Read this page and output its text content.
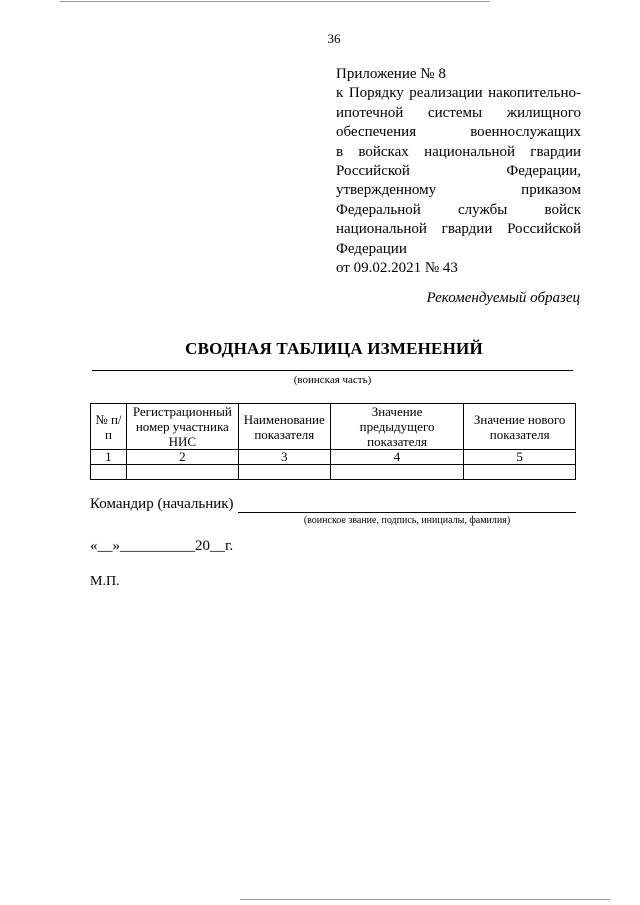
36
Приложение № 8
к Порядку реализации накопительно-
ипотечной системы жилищного
обеспечения военнослужащих
в войсках национальной гвардии
Российской Федерации,
утвержденному приказом
Федеральной службы войск
национальной гвардии Российской
Федерации
от 09.02.2021 № 43
Рекомендуемый образец
СВОДНАЯ ТАБЛИЦА ИЗМЕНЕНИЙ
(воинская часть)
№ п/п	Регистрационный номер участника НИС	Наименование показателя	Значение предыдущего показателя	Значение нового показателя
1	2	3	4	5

Командир (начальник)
(воинское звание, подпись, инициалы, фамилия)
«__»__________20__г.
М.П.
